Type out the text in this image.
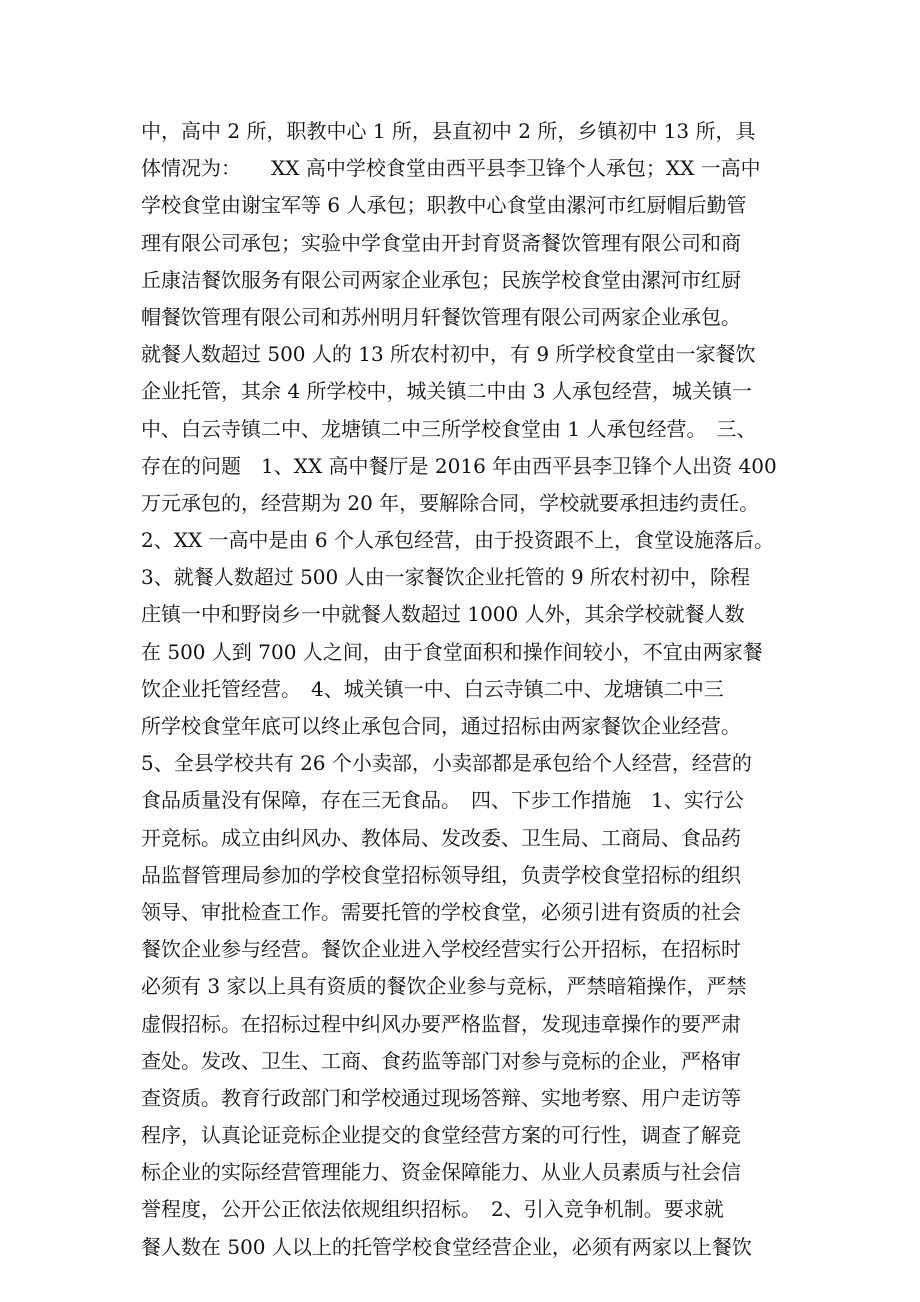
中，高中 2 所，职教中心 1 所，县直初中 2 所，乡镇初中 13 所，具
体情况为：　　XX 高中学校食堂由西平县李卫锋个人承包；XX 一高中
学校食堂由谢宝军等 6 人承包；职教中心食堂由漯河市红厨帽后勤管
理有限公司承包；实验中学食堂由开封育贤斋餐饮管理有限公司和商
丘康洁餐饮服务有限公司两家企业承包；民族学校食堂由漯河市红厨
帽餐饮管理有限公司和苏州明月轩餐饮管理有限公司两家企业承包。
就餐人数超过 500 人的 13 所农村初中，有 9 所学校食堂由一家餐饮
企业托管，其余 4 所学校中，城关镇二中由 3 人承包经营，城关镇一
中、白云寺镇二中、龙塘镇二中三所学校食堂由 1 人承包经营。　三、
存在的问题　1、XX 高中餐厅是 2016 年由西平县李卫锋个人出资 400
万元承包的，经营期为 20 年，要解除合同，学校就要承担违约责任。
2、XX 一高中是由 6 个人承包经营，由于投资跟不上，食堂设施落后。
3、就餐人数超过 500 人由一家餐饮企业托管的 9 所农村初中，除程
庄镇一中和野岗乡一中就餐人数超过 1000 人外，其余学校就餐人数
在 500 人到 700 人之间，由于食堂面积和操作间较小，不宜由两家餐
饮企业托管经营。　4、城关镇一中、白云寺镇二中、龙塘镇二中三
所学校食堂年底可以终止承包合同，通过招标由两家餐饮企业经营。
5、全县学校共有 26 个小卖部，小卖部都是承包给个人经营，经营的
食品质量没有保障，存在三无食品。　四、下步工作措施　1、实行公
开竞标。成立由纠风办、教体局、发改委、卫生局、工商局、食品药
品监督管理局参加的学校食堂招标领导组，负责学校食堂招标的组织
领导、审批检查工作。需要托管的学校食堂，必须引进有资质的社会
餐饮企业参与经营。餐饮企业进入学校经营实行公开招标，在招标时
必须有 3 家以上具有资质的餐饮企业参与竞标，严禁暗箱操作，严禁
虚假招标。在招标过程中纠风办要严格监督，发现违章操作的要严肃
查处。发改、卫生、工商、食药监等部门对参与竞标的企业，严格审
查资质。教育行政部门和学校通过现场答辩、实地考察、用户走访等
程序，认真论证竞标企业提交的食堂经营方案的可行性，调查了解竞
标企业的实际经营管理能力、资金保障能力、从业人员素质与社会信
誉程度，公开公正依法依规组织招标。　2、引入竞争机制。要求就
餐人数在 500 人以上的托管学校食堂经营企业，必须有两家以上餐饮
